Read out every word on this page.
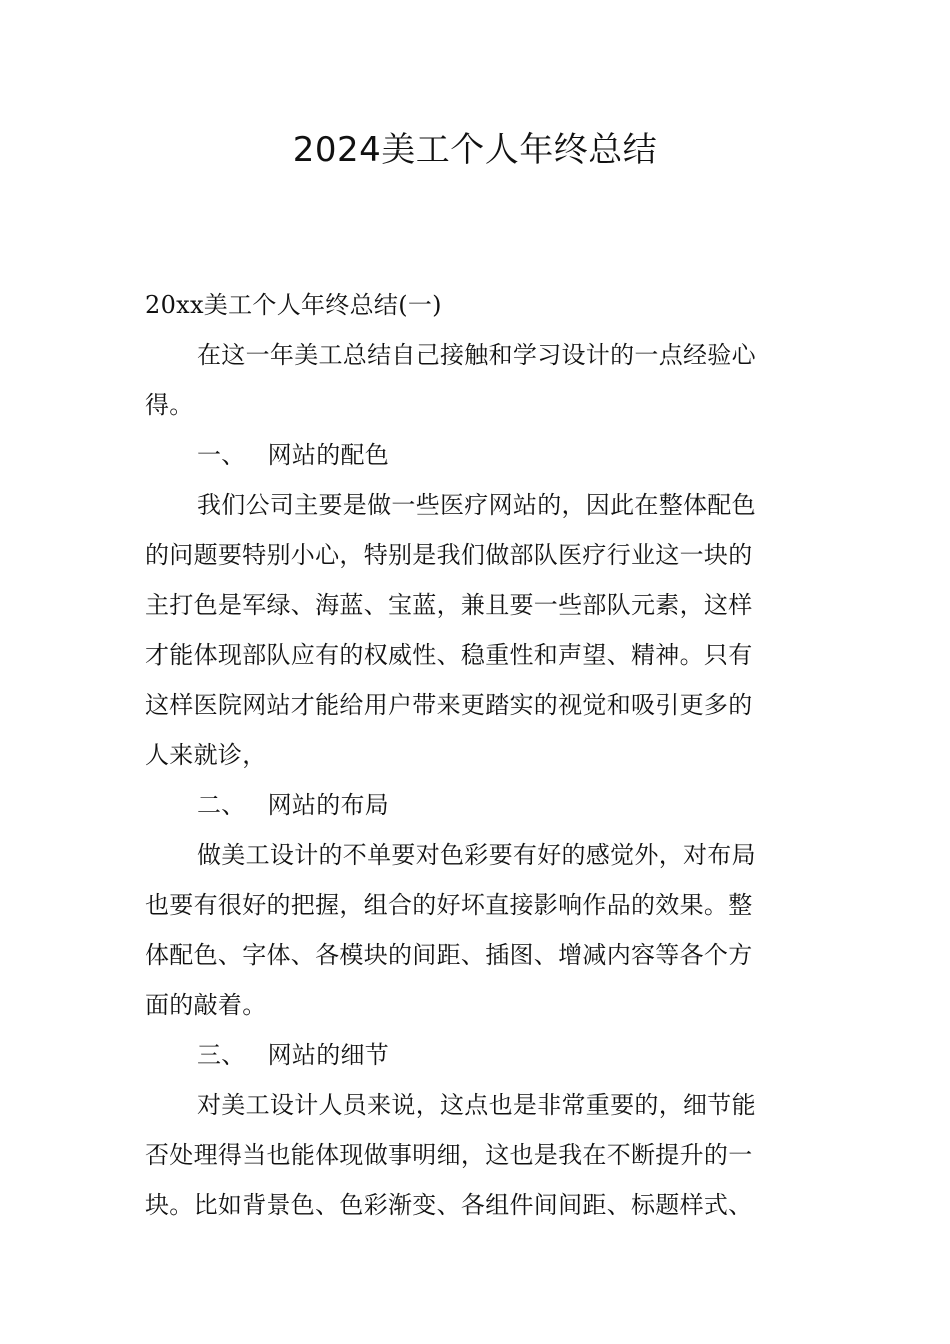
2024美工个人年终总结
20xx美工个人年终总结(一)
在这一年美工总结自己接触和学习设计的一点经验心
得。
一、 网站的配色
我们公司主要是做一些医疗网站的，因此在整体配色
的问题要特别小心，特别是我们做部队医疗行业这一块的
主打色是军绿、海蓝、宝蓝，兼且要一些部队元素，这样
才能体现部队应有的权威性、稳重性和声望、精神。只有
这样医院网站才能给用户带来更踏实的视觉和吸引更多的
人来就诊，
二、 网站的布局
做美工设计的不单要对色彩要有好的感觉外，对布局
也要有很好的把握，组合的好坏直接影响作品的效果。整
体配色、字体、各模块的间距、插图、增减内容等各个方
面的敲着。
三、 网站的细节
对美工设计人员来说，这点也是非常重要的，细节能
否处理得当也能体现做事明细，这也是我在不断提升的一
块。比如背景色、色彩渐变、各组件间间距、标题样式、
